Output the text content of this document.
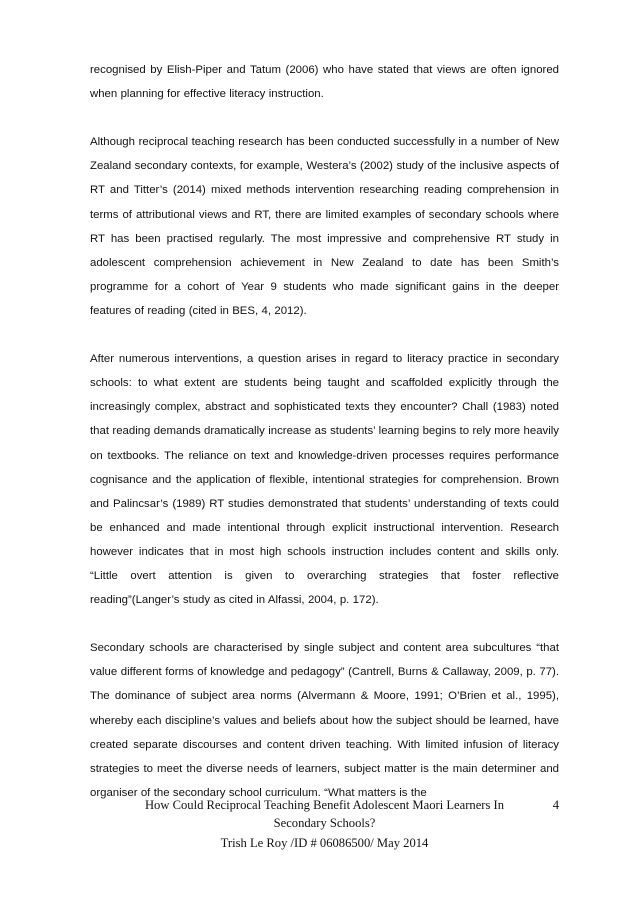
recognised by Elish-Piper and Tatum (2006) who have stated that views are often ignored when planning for effective literacy instruction.

Although reciprocal teaching research has been conducted successfully in a number of New Zealand secondary contexts, for example, Westera’s (2002) study of the inclusive aspects of RT and Titter’s (2014) mixed methods intervention researching reading comprehension in terms of attributional views and RT, there are limited examples of secondary schools where RT has been practised regularly. The most impressive and comprehensive RT study in adolescent comprehension achievement in New Zealand to date has been Smith’s programme for a cohort of Year 9 students who made significant gains in the deeper features of reading (cited in BES, 4, 2012).

After numerous interventions, a question arises in regard to literacy practice in secondary schools: to what extent are students being taught and scaffolded explicitly through the increasingly complex, abstract and sophisticated texts they encounter? Chall (1983) noted that reading demands dramatically increase as students’ learning begins to rely more heavily on textbooks. The reliance on text and knowledge-driven processes requires performance cognisance and the application of flexible, intentional strategies for comprehension. Brown and Palincsar’s (1989) RT studies demonstrated that students’ understanding of texts could be enhanced and made intentional through explicit instructional intervention. Research however indicates that in most high schools instruction includes content and skills only. “Little overt attention is given to overarching strategies that foster reflective reading”(Langer’s study as cited in Alfassi, 2004, p. 172).

Secondary schools are characterised by single subject and content area subcultures “that value different forms of knowledge and pedagogy” (Cantrell, Burns & Callaway, 2009, p. 77). The dominance of subject area norms (Alvermann & Moore, 1991; O’Brien et al., 1995), whereby each discipline’s values and beliefs about how the subject should be learned, have created separate discourses and content driven teaching. With limited infusion of literacy strategies to meet the diverse needs of learners, subject matter is the main determiner and organiser of the secondary school curriculum. “What matters is the

How Could Reciprocal Teaching Benefit Adolescent Maori Learners In
Secondary Schools?
Trish Le Roy /ID # 06086500/ May 2014
4
